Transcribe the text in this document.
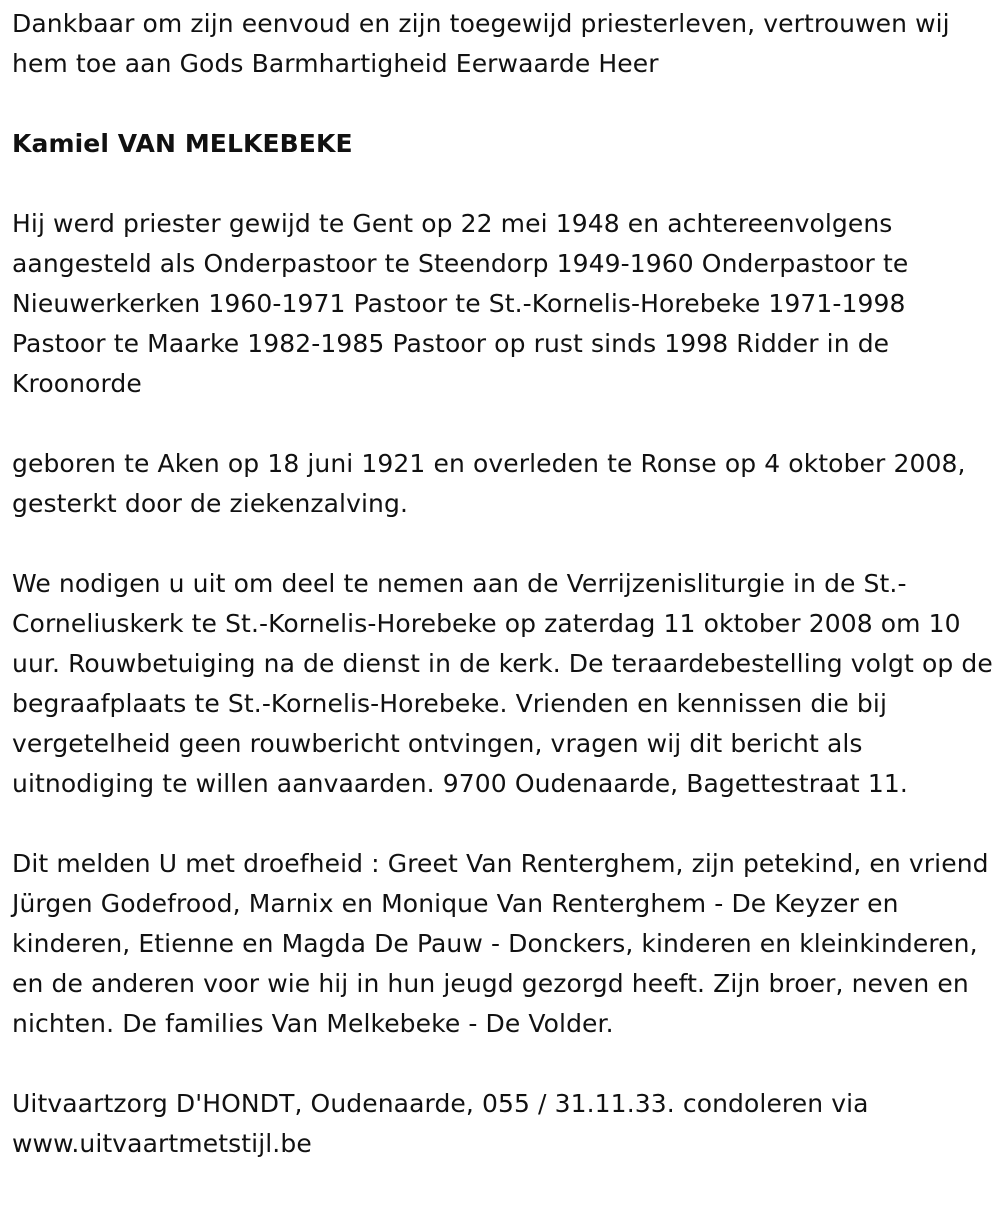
Dankbaar om zijn eenvoud en zijn toegewijd priesterleven, vertrouwen wij hem toe aan Gods Barmhartigheid Eerwaarde Heer

Kamiel VAN MELKEBEKE

Hij werd priester gewijd te Gent op 22 mei 1948 en achtereenvolgens aangesteld als Onderpastoor te Steendorp 1949-1960 Onderpastoor te Nieuwerkerken 1960-1971 Pastoor te St.-Kornelis-Horebeke 1971-1998 Pastoor te Maarke 1982-1985 Pastoor op rust sinds 1998 Ridder in de Kroonorde

geboren te Aken op 18 juni 1921 en overleden te Ronse op 4 oktober 2008, gesterkt door de ziekenzalving.

We nodigen u uit om deel te nemen aan de Verrijzenisliturgie in de St.-Corneliuskerk te St.-Kornelis-Horebeke op zaterdag 11 oktober 2008 om 10 uur. Rouwbetuiging na de dienst in de kerk. De teraardebestelling volgt op de begraafplaats te St.-Kornelis-Horebeke. Vrienden en kennissen die bij vergetelheid geen rouwbericht ontvingen, vragen wij dit bericht als uitnodiging te willen aanvaarden. 9700 Oudenaarde, Bagettestraat 11.

Dit melden U met droefheid : Greet Van Renterghem, zijn petekind, en vriend Jürgen Godefrood, Marnix en Monique Van Renterghem - De Keyzer en kinderen, Etienne en Magda De Pauw - Donckers, kinderen en kleinkinderen, en de anderen voor wie hij in hun jeugd gezorgd heeft. Zijn broer, neven en nichten. De families Van Melkebeke - De Volder.

Uitvaartzorg D'HONDT, Oudenaarde, 055 / 31.11.33. condoleren via www.uitvaartmetstijl.be
